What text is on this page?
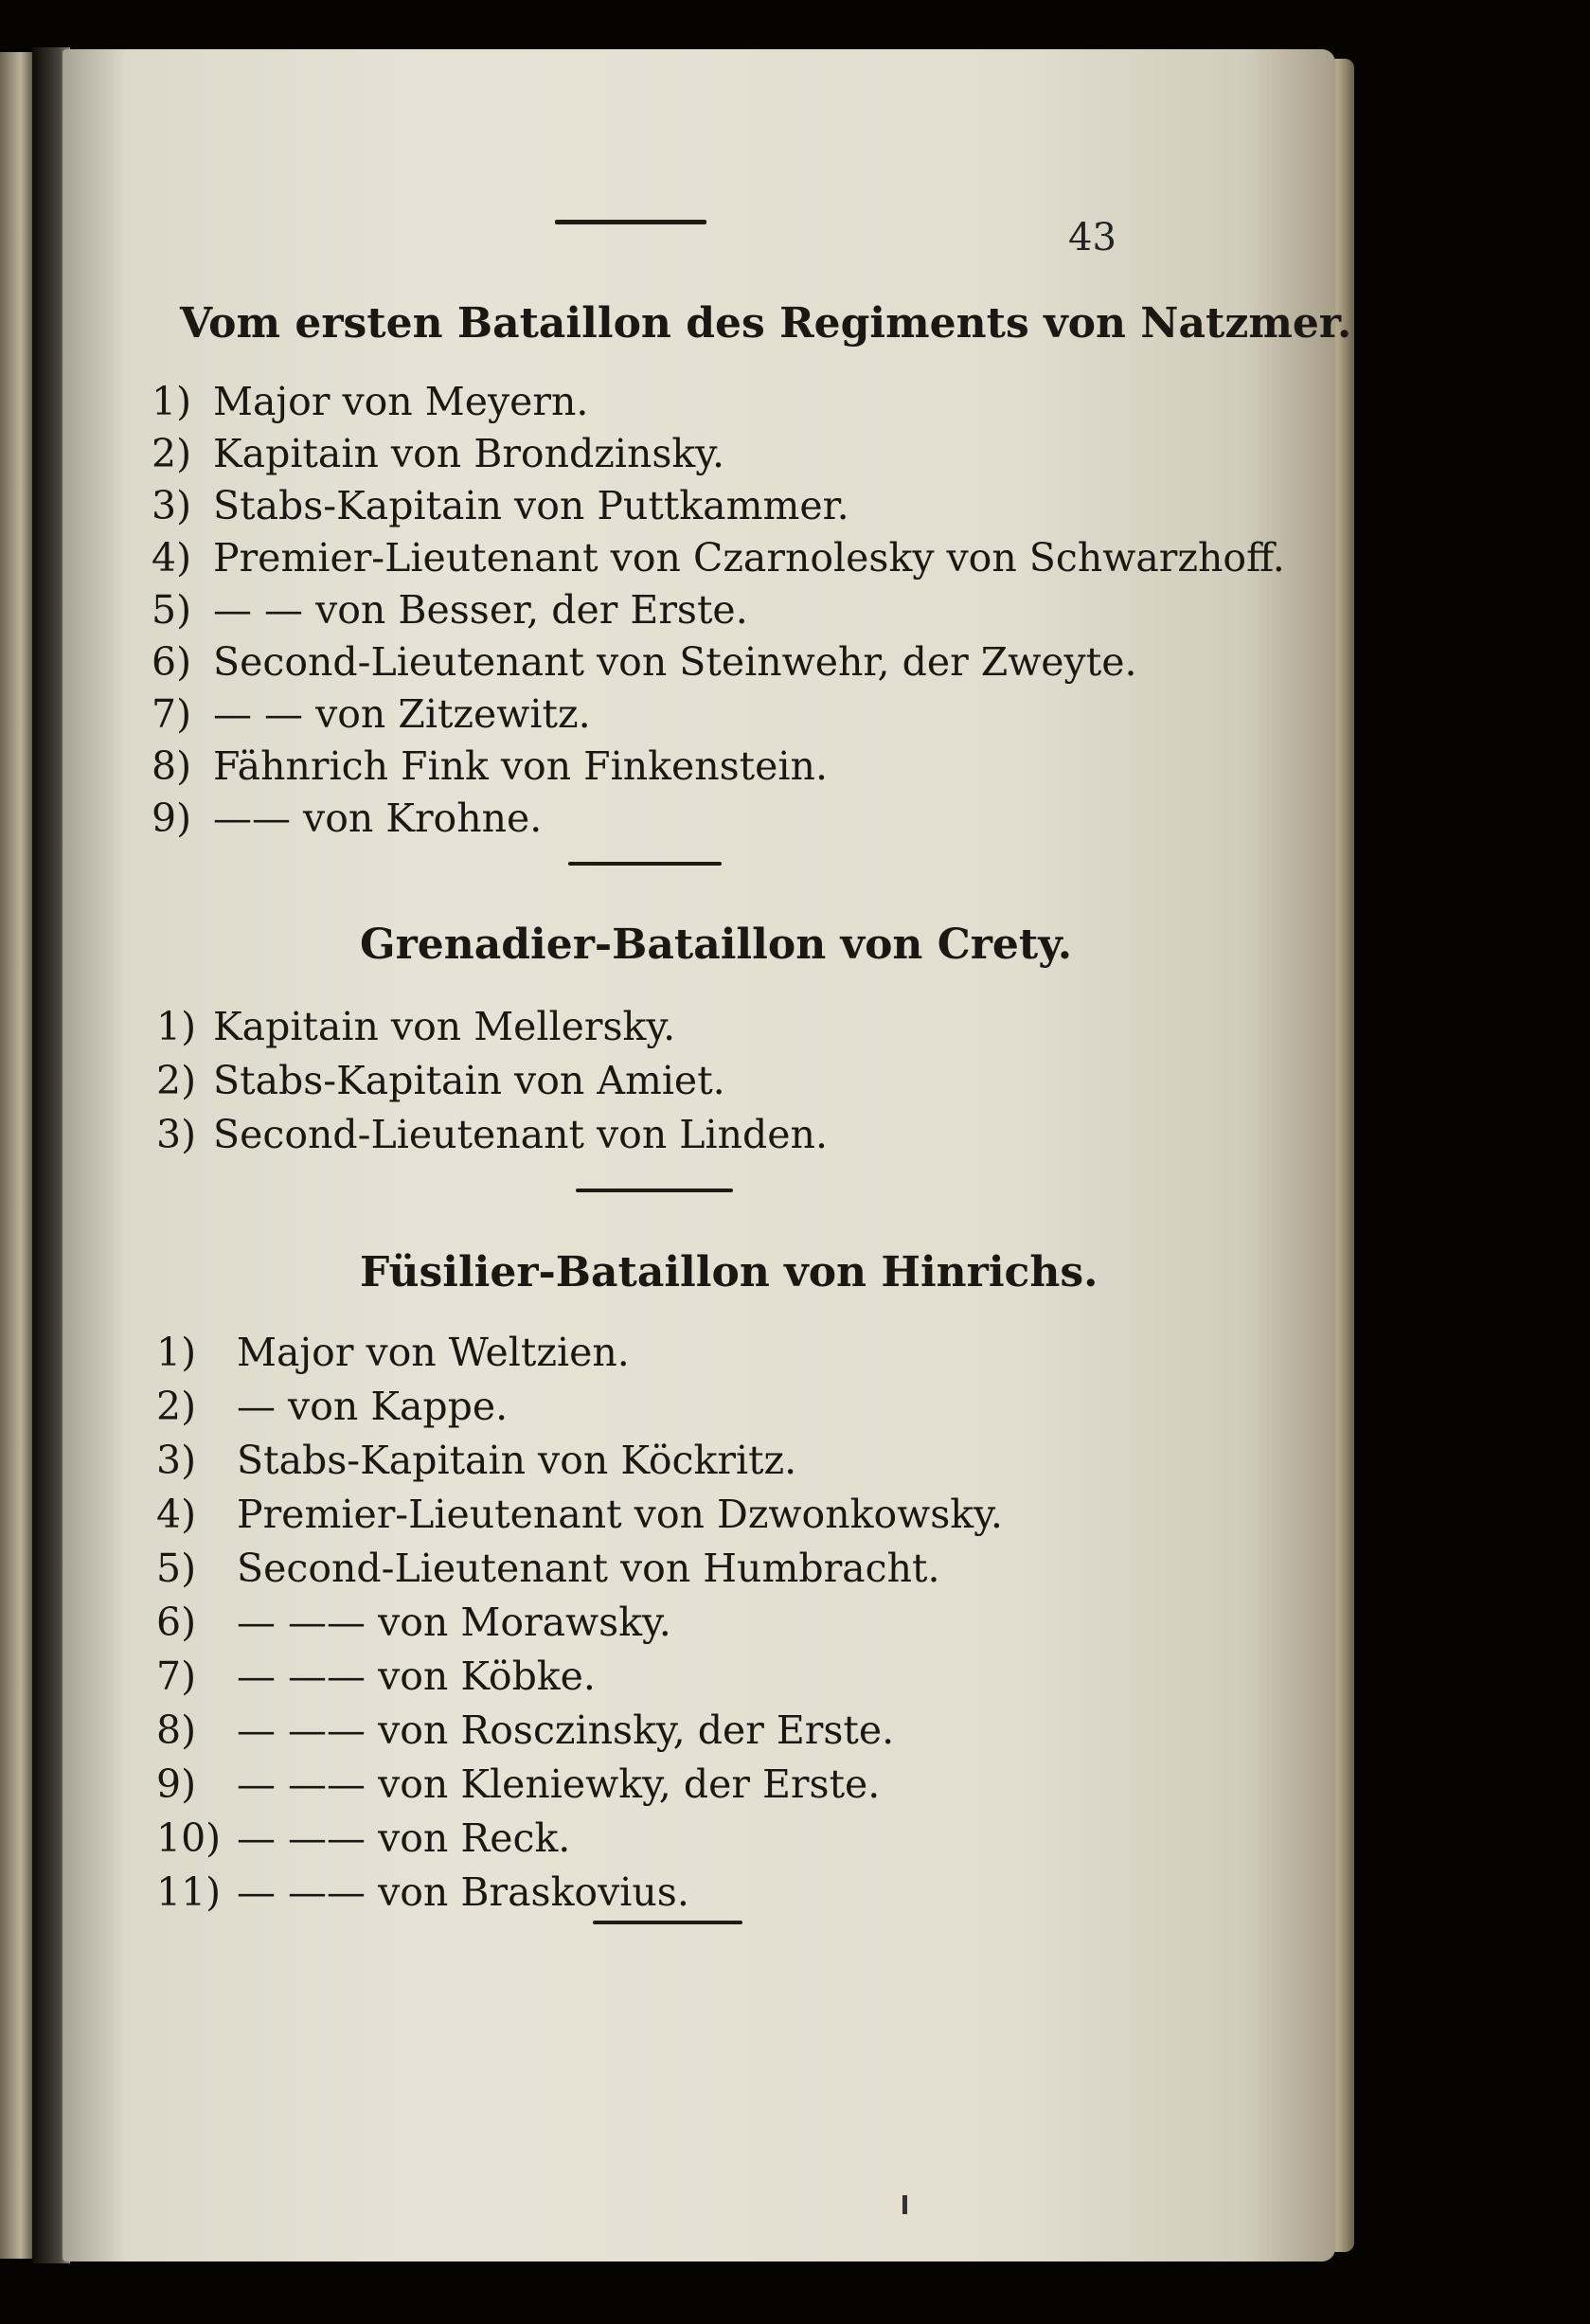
43
Vom ersten Bataillon des Regiments von Natzmer.
1) Major von Meyern.
2) Kapitain von Brondzinsky.
3) Stabs-Kapitain von Puttkammer.
4) Premier-Lieutenant von Czarnolesky von Schwarzhoff.
5) — — von Besser, der Erste.
6) Second-Lieutenant von Steinwehr, der Zweyte.
7) — — von Zitzewitz.
8) Fähnrich Fink von Finkenstein.
9) —— von Krohne.
Grenadier-Bataillon von Crety.
1) Kapitain von Mellersky.
2) Stabs-Kapitain von Amiet.
3) Second-Lieutenant von Linden.
Füsilier-Bataillon von Hinrichs.
1) Major von Weltzien.
2) — von Kappe.
3) Stabs-Kapitain von Köckritz.
4) Premier-Lieutenant von Dzwonkowsky.
5) Second-Lieutenant von Humbracht.
6) — —— von Morawsky.
7) — —— von Köbke.
8) — —— von Rosczinsky, der Erste.
9) — —— von Kleniewky, der Erste.
10) — —— von Reck.
11) — —— von Braskovius.
